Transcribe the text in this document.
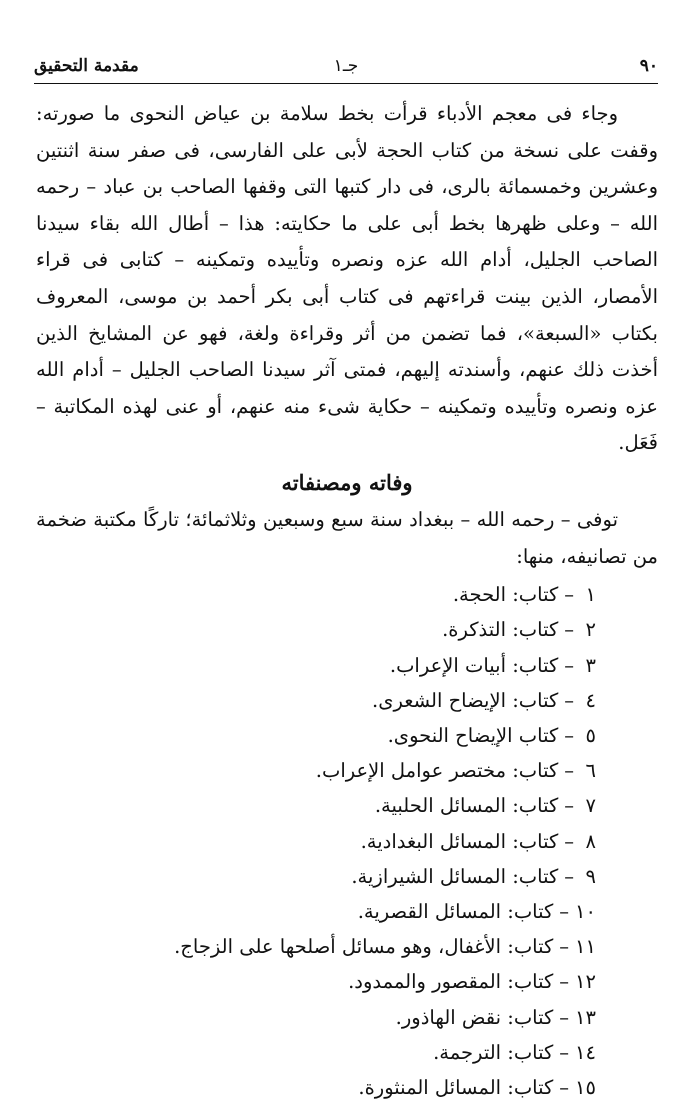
مقدمة التحقيق	جـ١	٩٠

وجاء فى معجم الأدباء قرأت بخط سلامة بن عياض النحوى ما صورته: وقفت على نسخة من كتاب الحجة لأبى على الفارسى، فى صفر سنة اثنتين وعشرين وخمسمائة بالرى، فى دار كتبها التى وقفها الصاحب بن عباد – رحمه الله – وعلى ظهرها بخط أبى على ما حكايته: هذا – أطال الله بقاء سيدنا الصاحب الجليل، أدام الله عزه ونصره وتأييده وتمكينه – كتابى فى قراء الأمصار، الذين بينت قراءتهم فى كتاب أبى بكر أحمد بن موسى، المعروف بكتاب «السبعة»، فما تضمن من أثر وقراءة ولغة، فهو عن المشايخ الذين أخذت ذلك عنهم، وأسندته إليهم، فمتى آثر سيدنا الصاحب الجليل – أدام الله عزه ونصره وتأييده وتمكينه – حكاية شىء منه عنهم، أو عنى لهذه المكاتبة – فَعَل.

وفاته ومصنفاته

توفى – رحمه الله – ببغداد سنة سبع وسبعين وثلاثمائة؛ تاركًا مكتبة ضخمة من تصانيفه، منها:

١–كتاب: الحجة.
٢–كتاب: التذكرة.
٣–كتاب: أبيات الإعراب.
٤–كتاب: الإيضاح الشعرى.
٥–كتاب الإيضاح النحوى.
٦–كتاب: مختصر عوامل الإعراب.
٧–كتاب: المسائل الحلبية.
٨–كتاب: المسائل البغدادية.
٩–كتاب: المسائل الشيرازية.
١٠–كتاب: المسائل القصرية.
١١–كتاب: الأغفال، وهو مسائل أصلحها على الزجاج.
١٢–كتاب: المقصور والممدود.
١٣–كتاب: نقض الهاذور.
١٤–كتاب: الترجمة.
١٥–كتاب: المسائل المنثورة.
